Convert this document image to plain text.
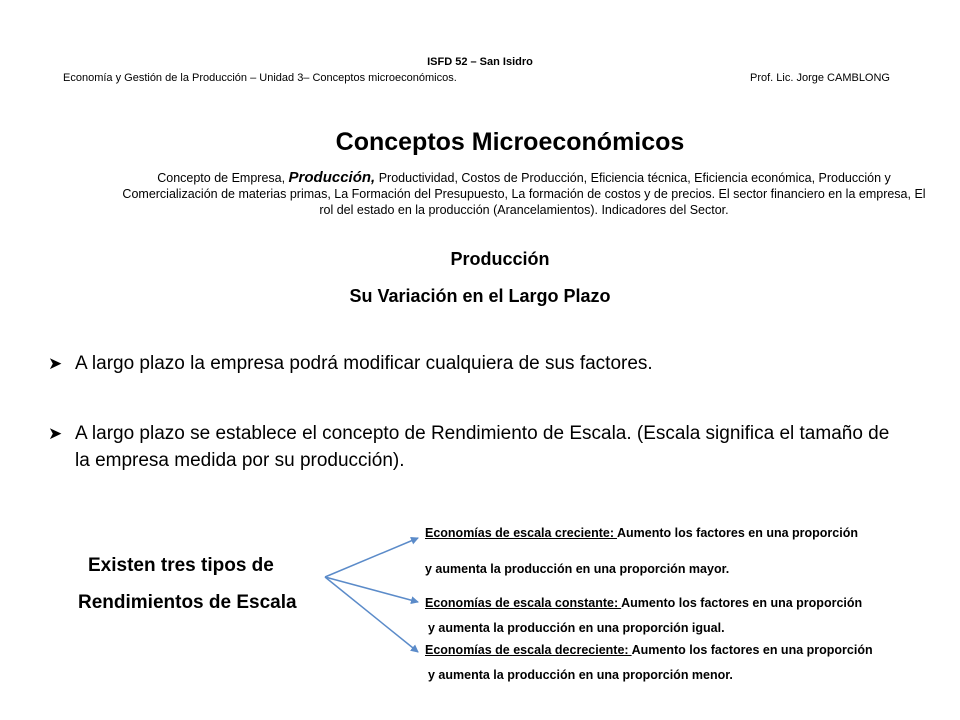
ISFD 52 – San Isidro
Economía y Gestión de la Producción – Unidad 3– Conceptos microeconómicos.	Prof. Lic. Jorge CAMBLONG
Conceptos Microeconómicos
Concepto de Empresa, Producción, Productividad, Costos de Producción, Eficiencia técnica, Eficiencia económica, Producción y Comercialización de materias primas, La Formación del Presupuesto, La formación de costos y de precios. El sector financiero en la empresa, El rol del estado en la producción (Arancelamientos). Indicadores del Sector.
Producción
Su Variación en el Largo Plazo
➤ A largo plazo la empresa podrá modificar cualquiera de sus factores.
➤ A largo plazo se establece el concepto de Rendimiento de Escala. (Escala significa el tamaño de la empresa medida por su producción).
Existen tres tipos de
Rendimientos de Escala
Economías de escala creciente: Aumento los factores en una proporción
y aumenta la producción en una proporción mayor.
Economías de escala constante: Aumento los factores en una proporción
y aumenta la producción en una proporción igual.
Economías de escala decreciente: Aumento los factores en una proporción
y aumenta la producción en una proporción menor.
